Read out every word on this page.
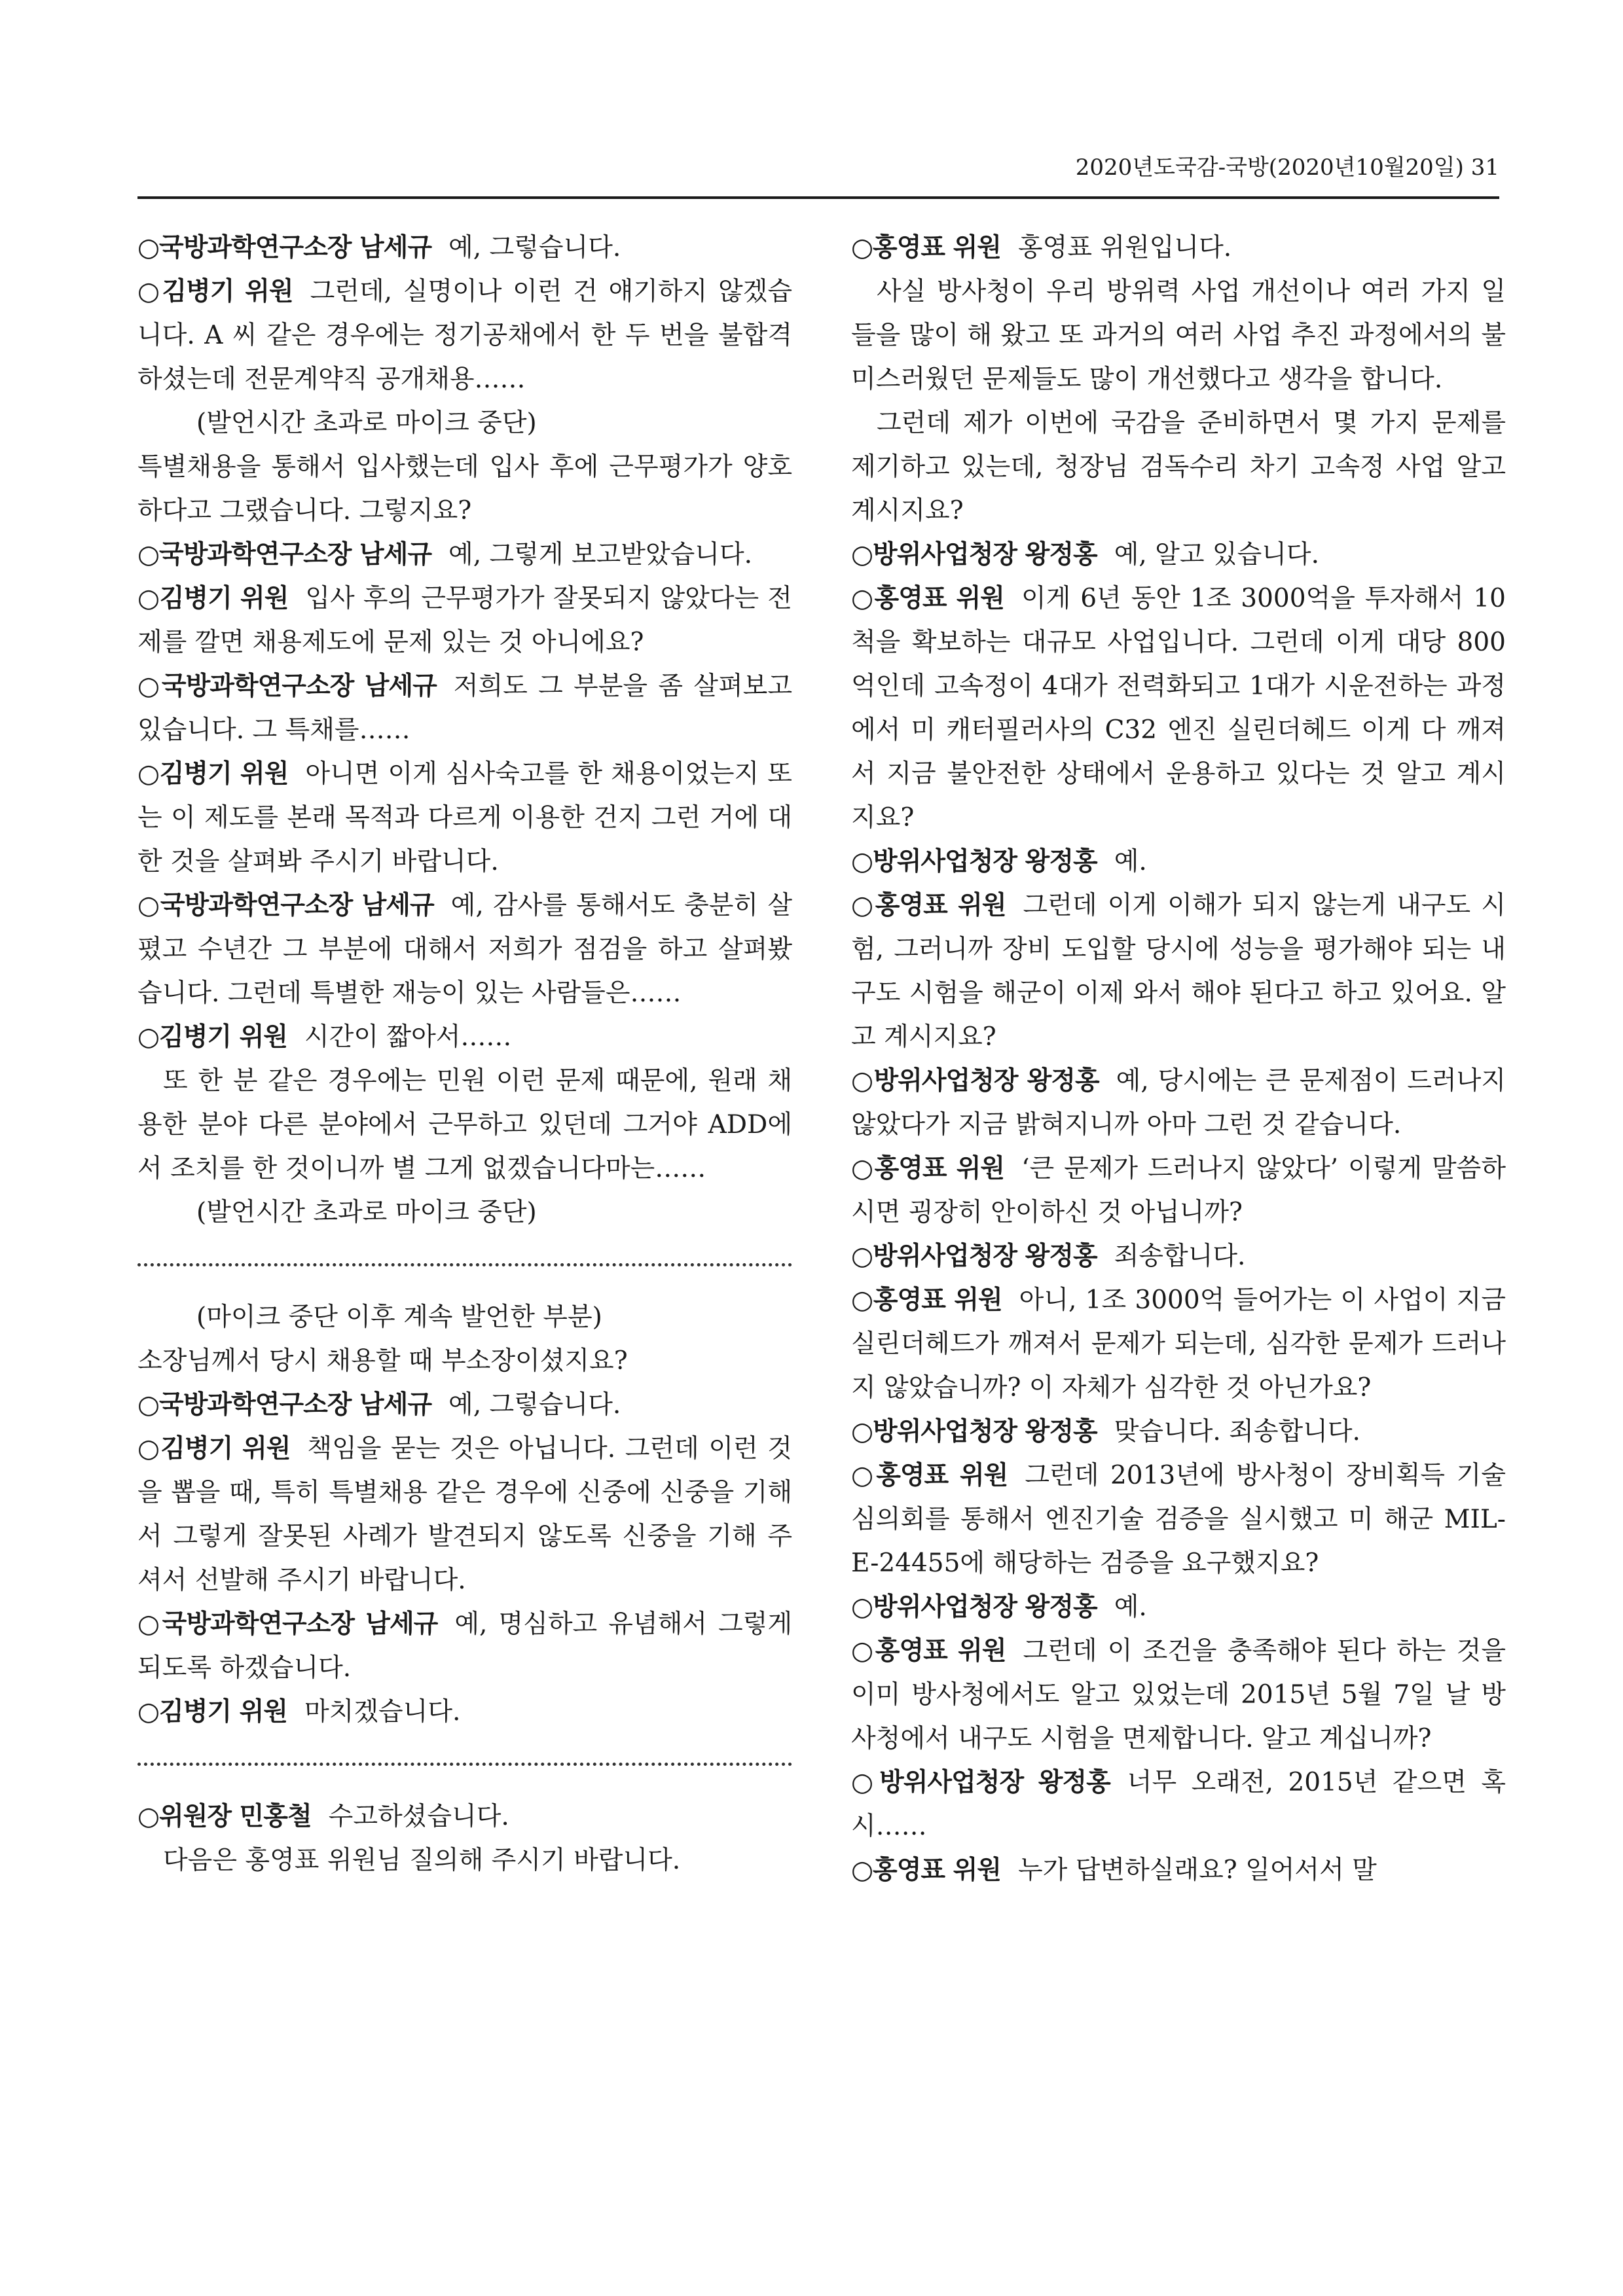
2020년도국감-국방(2020년10월20일) 31

○국방과학연구소장 남세규 예, 그렇습니다.

○김병기 위원 그런데, 실명이나 이런 건 얘기하지 않겠습니다. A 씨 같은 경우에는 정기공채에서 한 두 번을 불합격하셨는데 전문계약직 공개채용……

(발언시간 초과로 마이크 중단)

특별채용을 통해서 입사했는데 입사 후에 근무평가가 양호하다고 그랬습니다. 그렇지요?

○국방과학연구소장 남세규 예, 그렇게 보고받았습니다.

○김병기 위원 입사 후의 근무평가가 잘못되지 않았다는 전제를 깔면 채용제도에 문제 있는 것 아니에요?

○국방과학연구소장 남세규 저희도 그 부분을 좀 살펴보고 있습니다. 그 특채를……

○김병기 위원 아니면 이게 심사숙고를 한 채용이었는지 또는 이 제도를 본래 목적과 다르게 이용한 건지 그런 거에 대한 것을 살펴봐 주시기 바랍니다.

○국방과학연구소장 남세규 예, 감사를 통해서도 충분히 살폈고 수년간 그 부분에 대해서 저희가 점검을 하고 살펴봤습니다. 그런데 특별한 재능이 있는 사람들은……

○김병기 위원 시간이 짧아서……

또 한 분 같은 경우에는 민원 이런 문제 때문에, 원래 채용한 분야 다른 분야에서 근무하고 있던데 그거야 ADD에서 조치를 한 것이니까 별 그게 없겠습니다마는……

(발언시간 초과로 마이크 중단)

(마이크 중단 이후 계속 발언한 부분)

소장님께서 당시 채용할 때 부소장이셨지요?

○국방과학연구소장 남세규 예, 그렇습니다.

○김병기 위원 책임을 묻는 것은 아닙니다. 그런데 이런 것을 뽑을 때, 특히 특별채용 같은 경우에 신중에 신중을 기해서 그렇게 잘못된 사례가 발견되지 않도록 신중을 기해 주셔서 선발해 주시기 바랍니다.

○국방과학연구소장 남세규 예, 명심하고 유념해서 그렇게 되도록 하겠습니다.

○김병기 위원 마치겠습니다.

○위원장 민홍철 수고하셨습니다.

다음은 홍영표 위원님 질의해 주시기 바랍니다.

○홍영표 위원 홍영표 위원입니다.

사실 방사청이 우리 방위력 사업 개선이나 여러 가지 일들을 많이 해 왔고 또 과거의 여러 사업 추진 과정에서의 불미스러웠던 문제들도 많이 개선했다고 생각을 합니다.

그런데 제가 이번에 국감을 준비하면서 몇 가지 문제를 제기하고 있는데, 청장님 검독수리 차기 고속정 사업 알고 계시지요?

○방위사업청장 왕정홍 예, 알고 있습니다.

○홍영표 위원 이게 6년 동안 1조 3000억을 투자해서 10척을 확보하는 대규모 사업입니다. 그런데 이게 대당 800억인데 고속정이 4대가 전력화되고 1대가 시운전하는 과정에서 미 캐터필러사의 C32 엔진 실린더헤드 이게 다 깨져서 지금 불안전한 상태에서 운용하고 있다는 것 알고 계시지요?

○방위사업청장 왕정홍 예.

○홍영표 위원 그런데 이게 이해가 되지 않는게 내구도 시험, 그러니까 장비 도입할 당시에 성능을 평가해야 되는 내구도 시험을 해군이 이제 와서 해야 된다고 하고 있어요. 알고 계시지요?

○방위사업청장 왕정홍 예, 당시에는 큰 문제점이 드러나지 않았다가 지금 밝혀지니까 아마 그런 것 같습니다.

○홍영표 위원 ‘큰 문제가 드러나지 않았다’ 이렇게 말씀하시면 굉장히 안이하신 것 아닙니까?

○방위사업청장 왕정홍 죄송합니다.

○홍영표 위원 아니, 1조 3000억 들어가는 이 사업이 지금 실린더헤드가 깨져서 문제가 되는데, 심각한 문제가 드러나지 않았습니까? 이 자체가 심각한 것 아닌가요?

○방위사업청장 왕정홍 맞습니다. 죄송합니다.

○홍영표 위원 그런데 2013년에 방사청이 장비획득 기술심의회를 통해서 엔진기술 검증을 실시했고 미 해군 MIL-E-24455에 해당하는 검증을 요구했지요?

○방위사업청장 왕정홍 예.

○홍영표 위원 그런데 이 조건을 충족해야 된다 하는 것을 이미 방사청에서도 알고 있었는데 2015년 5월 7일 날 방사청에서 내구도 시험을 면제합니다. 알고 계십니까?

○방위사업청장 왕정홍 너무 오래전, 2015년 같으면 혹시……

○홍영표 위원 누가 답변하실래요? 일어서서 말
